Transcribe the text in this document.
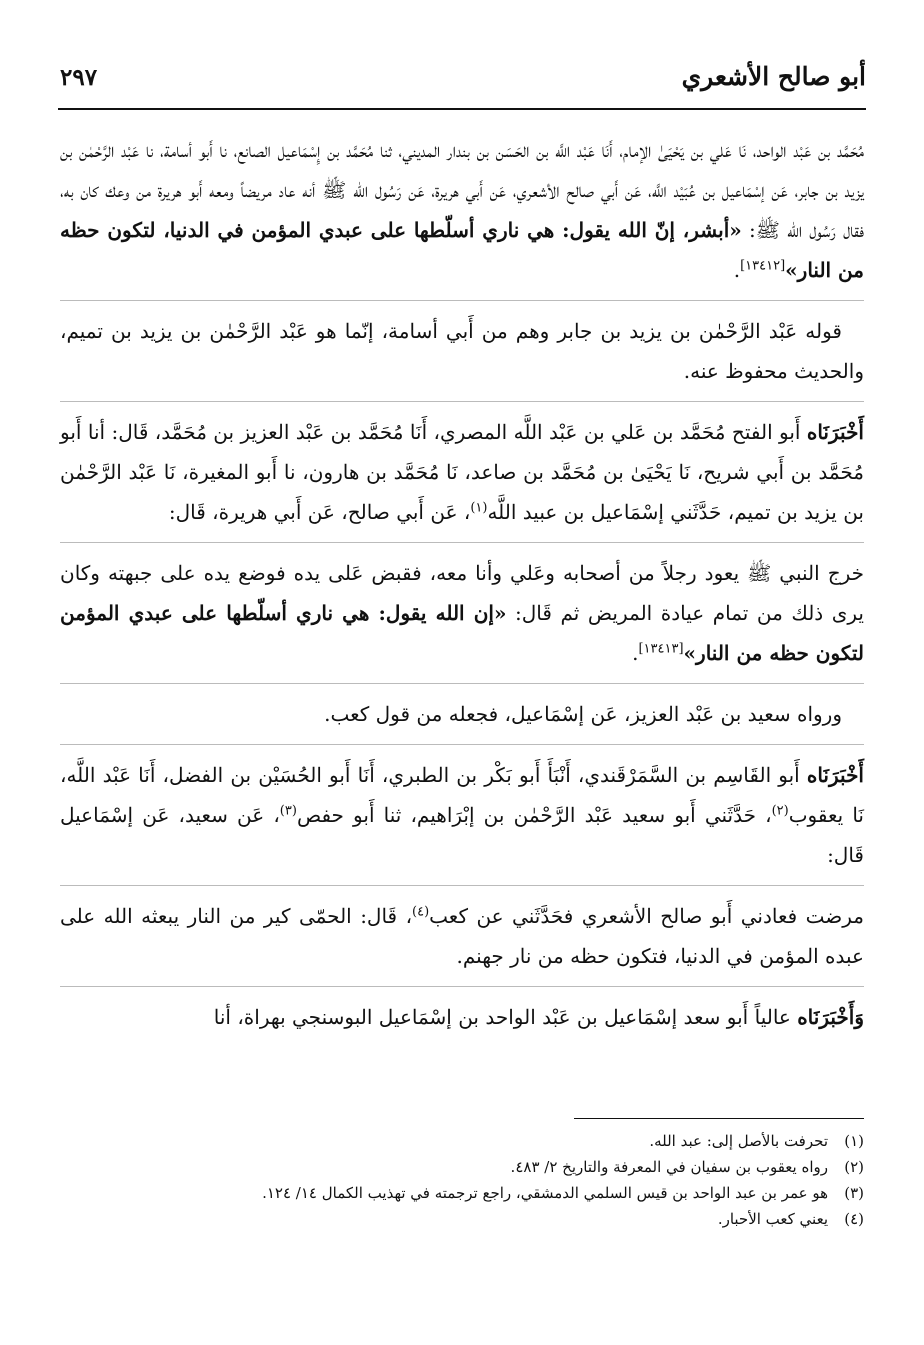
أبو صالح الأشعري
٢٩٧

مُحَمَّد بن عَبْد الواحد، نَا عَلي بن يَحْيَىٰ الإمام، أَنَا عَبْد اللَّه بن الحَسَن بن بندار المديني، ثنا مُحَمَّد بن إِسْمَاعيل الصانع، نا أَبو أسامة، نا عَبْد الرَّحْمٰن بن يزيد بن جابر، عَن إسْمَاعيل بن عُبَيْد اللَّه، عَن أَبي صالح الأشعري، عَن أَبي هريرة، عَن رَسُول الله ﷺ أنه عاد مريضاً ومعه أَبو هريرة من وعك كان به، فقال رَسُول الله ﷺ: «أبشر، إنّ الله يقول: هي ناري أسلّطها على عبدي المؤمن في الدنيا، لتكون حظه من النار»[١٣٤١٢].

قوله عَبْد الرَّحْمٰن بن يزيد بن جابر وهم من أَبي أسامة، إنّما هو عَبْد الرَّحْمٰن بن يزيد بن تميم، والحديث محفوظ عنه.

أَخْبَرَنَاه أَبو الفتح مُحَمَّد بن عَلي بن عَبْد اللَّه المصري، أَنَا مُحَمَّد بن عَبْد العزيز بن مُحَمَّد، قَال: أنا أَبو مُحَمَّد بن أَبي شريح، نَا يَحْيَىٰ بن مُحَمَّد بن صاعد، نَا مُحَمَّد بن هارون، نا أَبو المغيرة، نَا عَبْد الرَّحْمٰن بن يزيد بن تميم، حَدَّثَني إسْمَاعيل بن عبيد اللَّه$^{(١)}$، عَن أَبي صالح، عَن أَبي هريرة، قَال:

خرج النبي ﷺ يعود رجلاً من أصحابه وعَلي وأنا معه، فقبض عَلى يده فوضع يده على جبهته وكان يرى ذلك من تمام عيادة المريض ثم قَال: «إن الله يقول: هي ناري أسلّطها على عبدي المؤمن لتكون حظه من النار»[١٣٤١٣].

ورواه سعيد بن عَبْد العزيز، عَن إسْمَاعيل، فجعله من قول كعب.

أَخْبَرَنَاه أَبو القَاسِم بن السَّمَرْقَندي، أَنْبَأَ أَبو بَكْر بن الطبري، أَنَا أَبو الحُسَيْن بن الفضل، أَنَا عَبْد اللَّه، نَا يعقوب$^{(٢)}$، حَدَّثَني أَبو سعيد عَبْد الرَّحْمٰن بن إبْرَاهيم، ثنا أَبو حفص$^{(٣)}$، عَن سعيد، عَن إسْمَاعيل قَال:

مرضت فعادني أَبو صالح الأشعري فحَدَّثَني عن كعب$^{(٤)}$، قَال: الحمّى كير من النار يبعثه الله على عبده المؤمن في الدنيا، فتكون حظه من نار جهنم.

وَأَخْبَرَنَاه عالياً أَبو سعد إسْمَاعيل بن عَبْد الواحد بن إسْمَاعيل البوسنجي بهراة، أنا

(١)
تحرفت بالأصل إلى: عبد الله.
(٢)
رواه يعقوب بن سفيان في المعرفة والتاريخ ٢/ ٤٨٣.
(٣)
هو عمر بن عبد الواحد بن قيس السلمي الدمشقي، راجع ترجمته في تهذيب الكمال ١٤/ ١٢٤.
(٤)
يعني كعب الأحبار.
